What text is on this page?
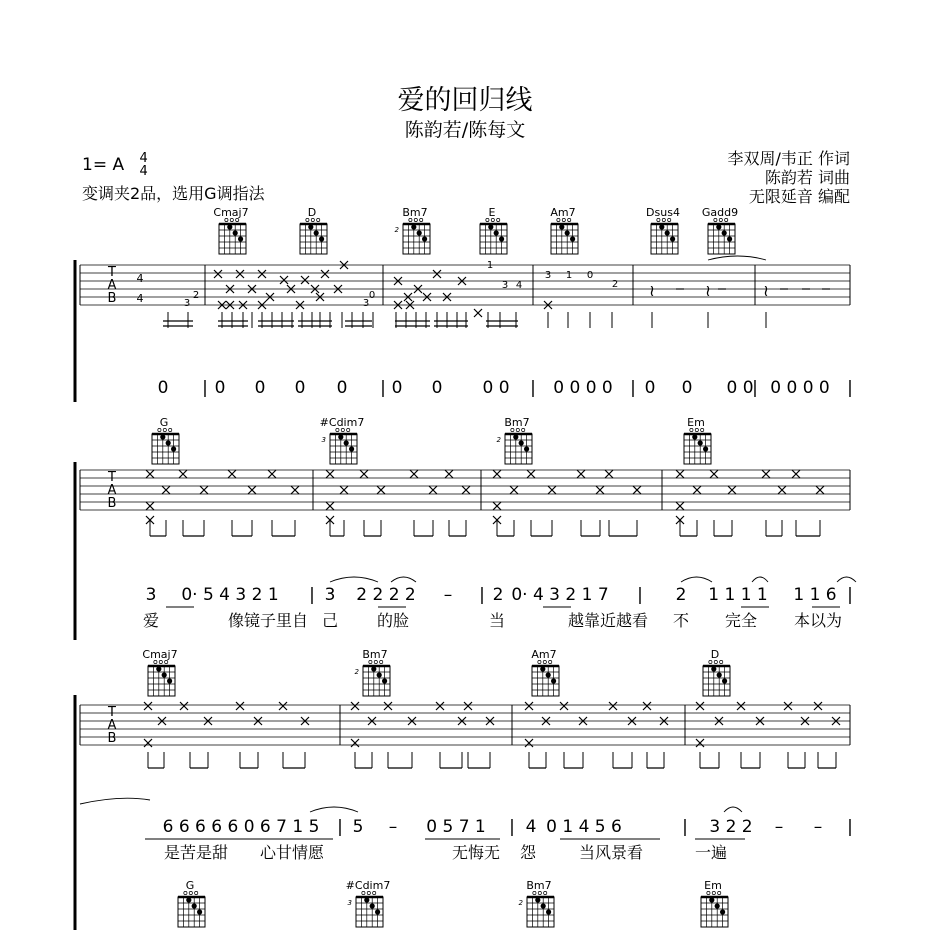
爱的回归线
陈韵若/陈每文
1= A 4
4
变调夹2品，选用G调指法
李双周/韦正 作词
陈韵若 词曲
无限延音 编配
T
A
B
Cmaj7	D	Bm7
2
E	Am7	Dsus4 Gadd9
4
4
1
3 1 0
2
3 4
2
3
0
3
≀	≀	≀
0 | 0 0 0 0 | 0 0 0 0 | 0 0 0 0 | 0 0 0 0
| 0 0 0 0 |
T
A
B
G	#Cdim7
3
Bm7
2
Em
3 0· 5 4 3 2 1 | 3 2 2 2 2 – | 2 0· 4 3 2 1 7 | 2 1 1 1 1 1 1 6 |
爱	像镜子里自 己 的脸	当	越靠近越看 不 完全 本以为
T
A
B
Cmaj7	Bm7
2
Am7	D
6 6 6 6 6 0 6 7 1 5 | 5 – 0 5 7 1 | 4 0 1 4 5 6	| 3 2 2 – – |
是苦是甜 心甘情愿	无悔无 怨	当风景看	一遍
G	#Cdim7
3
Bm7
2
Em
